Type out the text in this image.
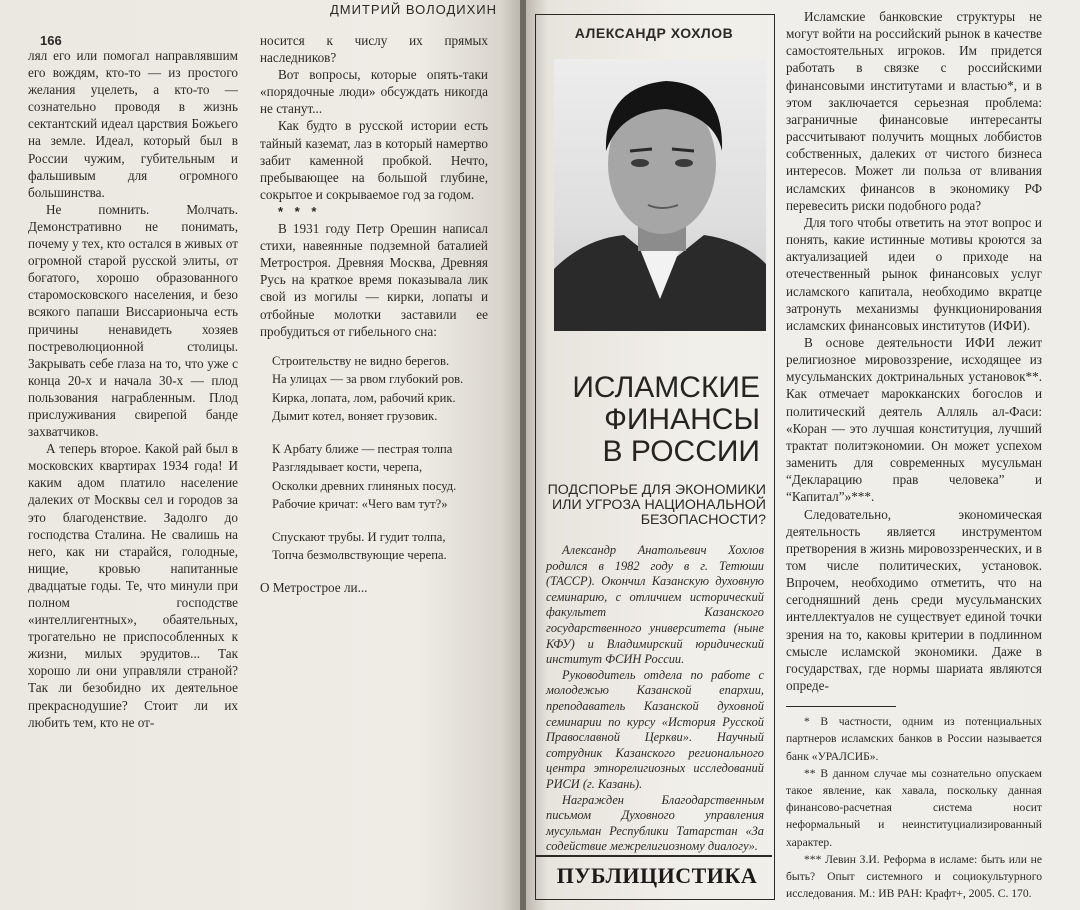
ДМИТРИЙ ВОЛОДИХИН
166

лял его или помогал направлявшим его вождям, кто-то — из простого желания уцелеть, а кто-то — сознательно проводя в жизнь сектантский идеал царствия Божьего на земле. Идеал, который был в России чужим, губительным и фальшивым для огромного большинства.

Не помнить. Молчать. Демонстративно не понимать, почему у тех, кто остался в живых от огромной старой русской элиты, от богатого, хорошо образованного старомосковского населения, и безо всякого папаши Виссарионыча есть причины ненавидеть хозяев постреволюционной столицы. Закрывать себе глаза на то, что уже с конца 20-х и начала 30-х — плод пользования награбленным. Плод прислуживания свирепой банде захватчиков.

А теперь второе. Какой рай был в московских квартирах 1934 года! И каким адом платило население далеких от Москвы сел и городов за это благоденствие. Задолго до господства Сталина. Не свалишь на него, как ни старайся, голодные, нищие, кровью напитанные двадцатые годы. Те, что минули при полном господстве «интеллигентных», обаятельных, трогательно не приспособленных к жизни, милых эрудитов... Так хорошо ли они управляли страной? Так ли безобидно их деятельное прекраснодушие? Стоит ли их любить тем, кто не от-

носится к числу их прямых наследников?

Вот вопросы, которые опять-таки «порядочные люди» обсуждать никогда не станут...

Как будто в русской истории есть тайный каземат, лаз в который намертво забит каменной пробкой. Нечто, пребывающее на большой глубине, сокрытое и сокрываемое год за годом.

* * *

В 1931 году Петр Орешин написал стихи, навеянные подземной баталией Метростроя. Древняя Москва, Древняя Русь на краткое время показывала лик свой из могилы — кирки, лопаты и отбойные молотки заставили ее пробудиться от гибельного сна:

Строительству не видно берегов.
На улицах — за рвом глубокий ров.
Кирка, лопата, лом, рабочий крик.
Дымит котел, воняет грузовик.
К Арбату ближе — пестрая толпа
Разглядывает кости, черепа,
Осколки древних глиняных посуд.
Рабочие кричат: «Чего вам тут?»
Спускают трубы. И гудит толпа,
Топча безмолвствующие черепа.

О Метрострое ли...

АЛЕКСАНДР ХОХЛОВ
ИСЛАМСКИЕ
ФИНАНСЫ
В РОССИИ
ПОДСПОРЬЕ ДЛЯ ЭКОНОМИКИ
ИЛИ УГРОЗА НАЦИОНАЛЬНОЙ
БЕЗОПАСНОСТИ?

Александр Анатольевич Хохлов родился в 1982 году в г. Тетюши (ТАССР). Окончил Казанскую духовную семинарию, с отличием исторический факультет Казанского государственного университета (ныне КФУ) и Владимирский юридический институт ФСИН России.

Руководитель отдела по работе с молодежью Казанской епархии, преподаватель Казанской духовной семинарии по курсу «История Русской Православной Церкви». Научный сотрудник Казанского регионального центра этнорелигиозных исследований РИСИ (г. Казань).

Награжден Благодарственным письмом Духовного управления мусульман Республики Татарстан «За содействие межрелигиозному диалогу».

ПУБЛИЦИСТИКА

Исламские банковские структуры не могут войти на российский рынок в качестве самостоятельных игроков. Им придется работать в связке с российскими финансовыми институтами и властью*, и в этом заключается серьезная проблема: заграничные финансовые интересанты рассчитывают получить мощных лоббистов собственных, далеких от чистого бизнеса интересов. Может ли польза от вливания исламских финансов в экономику РФ перевесить риски подобного рода?

Для того чтобы ответить на этот вопрос и понять, какие истинные мотивы кроются за актуализацией идеи о приходе на отечественный рынок финансовых услуг исламского капитала, необходимо вкратце затронуть механизмы функционирования исламских финансовых институтов (ИФИ).

В основе деятельности ИФИ лежит религиозное мировоззрение, исходящее из мусульманских доктринальных установок**. Как отмечает марокканских богослов и политический деятель Алляль ал-Фаси: «Коран — это лучшая конституция, лучший трактат политэкономии. Он может успехом заменить для современных мусульман “Декларацию прав человека” и “Капитал”»***.

Следовательно, экономическая деятельность является инструментом претворения в жизнь мировоззренческих, и в том числе политических, установок. Впрочем, необходимо отметить, что на сегодняшний день среди мусульманских интеллектуалов не существует единой точки зрения на то, каковы критерии в подлинном смысле исламской экономики. Даже в государствах, где нормы шариата являются опреде-

* В частности, одним из потенциальных партнеров исламских банков в России называется банк «УРАЛСИБ».

** В данном случае мы сознательно опускаем такое явление, как хавала, поскольку данная финансово-расчетная система носит неформальный и неинституциализированный характер.

*** Левин З.И. Реформа в исламе: быть или не быть? Опыт системного и социокультурного исследования. М.: ИВ РАН: Крафт+, 2005. С. 170.
